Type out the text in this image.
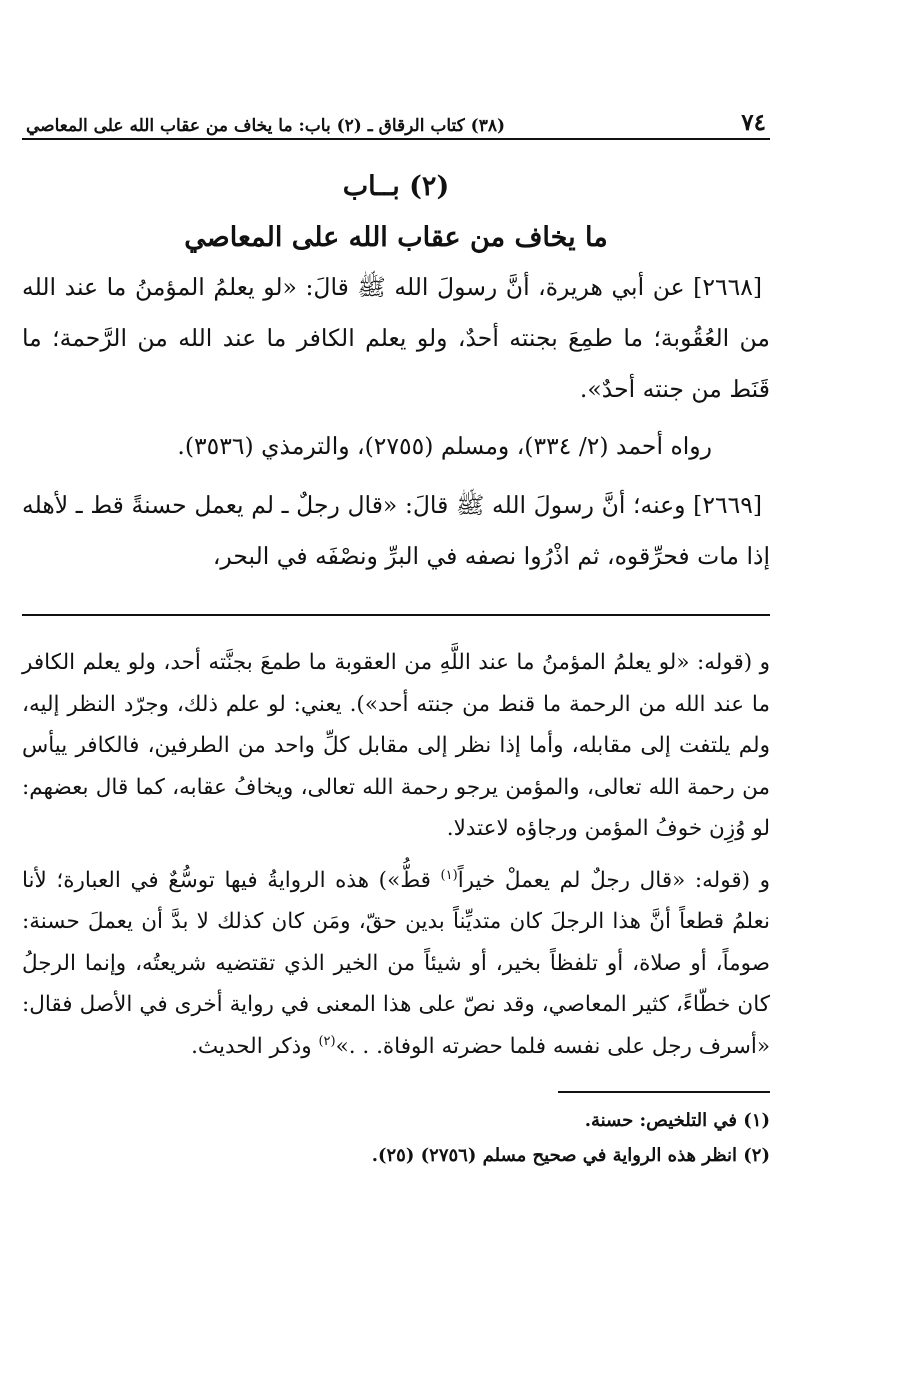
٧٤
(٣٨) كتاب الرقاق ـ (٢) باب: ما يخاف من عقاب الله على المعاصي
(٢) بــاب
ما يخاف من عقاب الله على المعاصي

[٢٦٦٨] عن أبي هريرة، أنَّ رسولَ الله ﷺ قالَ: «لو يعلمُ المؤمنُ ما عند الله من العُقُوبة؛ ما طمِعَ بجنته أحدٌ، ولو يعلم الكافر ما عند الله من الرَّحمة؛ ما قَنَط من جنته أحدٌ».

رواه أحمد (٢/ ٣٣٤)، ومسلم (٢٧٥٥)، والترمذي (٣٥٣٦).

[٢٦٦٩] وعنه؛ أنَّ رسولَ الله ﷺ قالَ: «قال رجلٌ ـ لم يعمل حسنةً قط ـ لأهله إذا مات فحرِّقوه، ثم اذْرُوا نصفه في البرِّ ونصْفَه في البحر،

و (قوله: «لو يعلمُ المؤمنُ ما عند اللَّهِ من العقوبة ما طمعَ بجنَّته أحد، ولو يعلم الكافر ما عند الله من الرحمة ما قنط من جنته أحد»). يعني: لو علم ذلك، وجرّد النظر إليه، ولم يلتفت إلى مقابله، وأما إذا نظر إلى مقابل كلِّ واحد من الطرفين، فالكافر ييأس من رحمة الله تعالى، والمؤمن يرجو رحمة الله تعالى، ويخافُ عقابه، كما قال بعضهم: لو وُزِن خوفُ المؤمن ورجاؤه لاعتدلا.

و (قوله: «قال رجلٌ لم يعملْ خيراً$^{(١)}$ قطُّ») هذه الروايةُ فيها توسُّعٌ في العبارة؛ لأنا نعلمُ قطعاً أنَّ هذا الرجلَ كان متديِّناً بدين حقّ، ومَن كان كذلك لا بدَّ أن يعملَ حسنة: صوماً، أو صلاة، أو تلفظاً بخير، أو شيئاً من الخير الذي تقتضيه شريعتُه، وإنما الرجلُ كان خطّاءً، كثير المعاصي، وقد نصّ على هذا المعنى في رواية أخرى في الأصل فقال: «أسرف رجل على نفسه فلما حضرته الوفاة. . .»$^{(٢)}$ وذكر الحديث.

(١) في التلخيص: حسنة.

(٢) انظر هذه الرواية في صحيح مسلم (٢٧٥٦) (٢٥).
